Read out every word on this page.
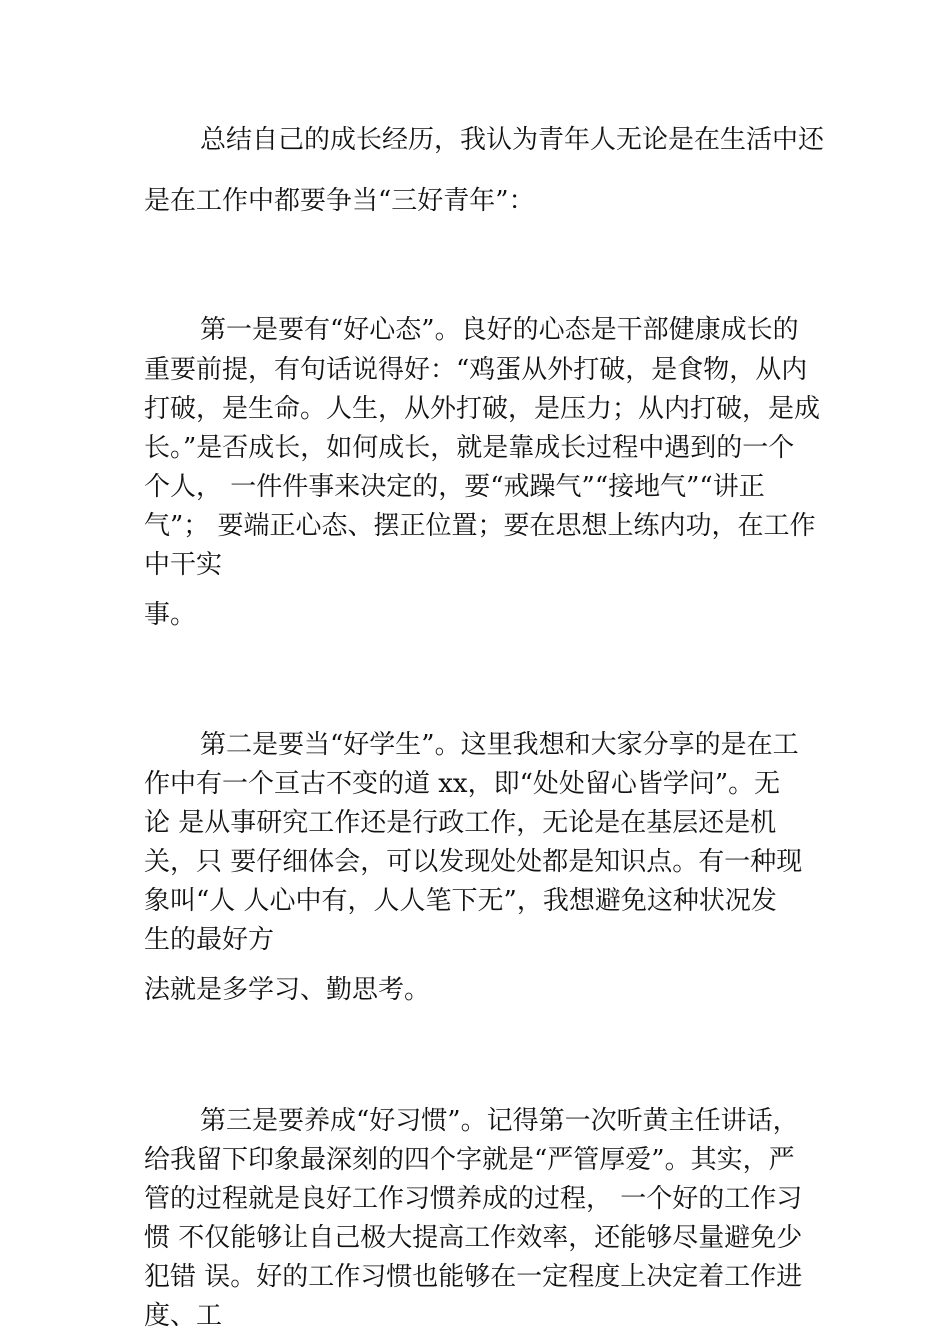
总结自己的成长经历，我认为青年人无论是在生活中还

是在工作中都要争当“三好青年”：

第一是要有“好心态”。良好的心态是干部健康成长的

重要前提，有句话说得好：“鸡蛋从外打破，是食物，从内

打破，是生命。人生，从外打破，是压力；从内打破，是成

长。”是否成长，如何成长，就是靠成长过程中遇到的一个

个人， 一件件事来决定的，要“戒躁气”“接地气”“讲正

气”； 要端正心态、摆正位置；要在思想上练内功，在工作

中干实

事。

第二是要当“好学生”。这里我想和大家分享的是在工

作中有一个亘古不变的道 xx，即“处处留心皆学问”。无

论 是从事研究工作还是行政工作，无论是在基层还是机

关，只 要仔细体会，可以发现处处都是知识点。有一种现

象叫“人 人心中有，人人笔下无”，我想避免这种状况发

生的最好方

法就是多学习、勤思考。

第三是要养成“好习惯”。记得第一次听黄主任讲话，

给我留下印象最深刻的四个字就是“严管厚爱”。其实，严

管的过程就是良好工作习惯养成的过程， 一个好的工作习

惯 不仅能够让自己极大提高工作效率，还能够尽量避免少

犯错 误。好的工作习惯也能够在一定程度上决定着工作进

度、工
